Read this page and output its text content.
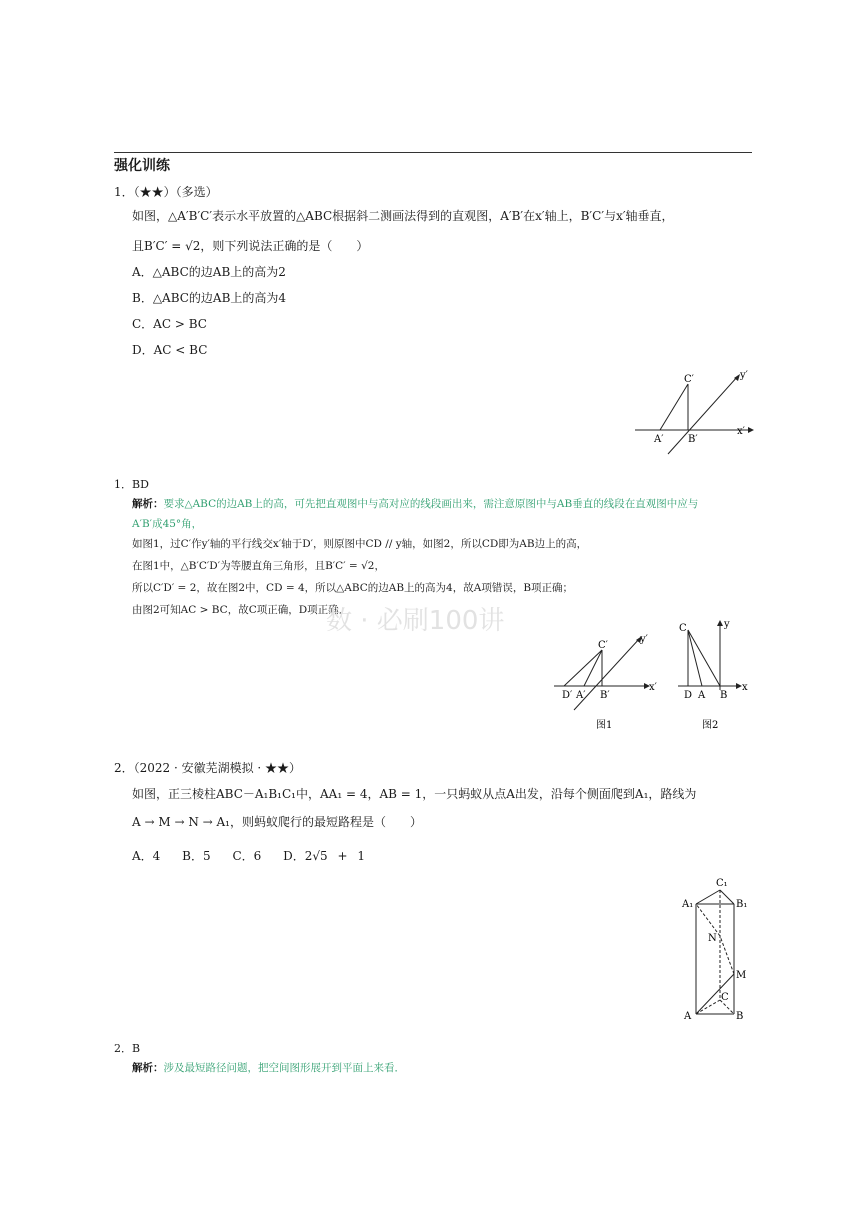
强化训练
1．（★★）（多选）
如图，△A′B′C′表示水平放置的△ABC根据斜二测画法得到的直观图，A′B′在x′轴上，B′C′与x′轴垂直，
且B′C′ = √2，则下列说法正确的是（　　）
A．△ABC的边AB上的高为2
B．△ABC的边AB上的高为4
C．AC > BC
D．AC < BC
C′	y′
x′
A′ B′
1．BD
解析：要求△ABC的边AB上的高，可先把直观图中与高对应的线段画出来，需注意原图中与AB垂直的线段在直观图中应与
A′B′成45°角，
如图1，过C′作y′轴的平行线交x′轴于D′，则原图中CD // y轴，如图2，所以CD即为AB边上的高，
在图1中，△B′C′D′为等腰直角三角形，且B′C′ = √2，
所以C′D′ = 2，故在图2中，CD = 4，所以△ABC的边AB上的高为4，故A项错误，B项正确；
由图2可知AC > BC，故C项正确，D项正确．
数 · 必刷100讲
C′
y′
x′
D′ A′ B′
图1
C	y
x
D A B
图2
2．（2022 · 安徽芜湖模拟 · ★★）
如图，正三棱柱ABC－A₁B₁C₁中，AA₁ = 4，AB = 1，一只蚂蚁从点A出发，沿每个侧面爬到A₁，路线为
A → M → N → A₁，则蚂蚁爬行的最短路程是（　　）
A．4　 B．5　 C．6　 D．2√5 + 1
C₁
A₁	B₁
N
M
C
A	B
2．B
解析：涉及最短路径问题，把空间图形展开到平面上来看．
